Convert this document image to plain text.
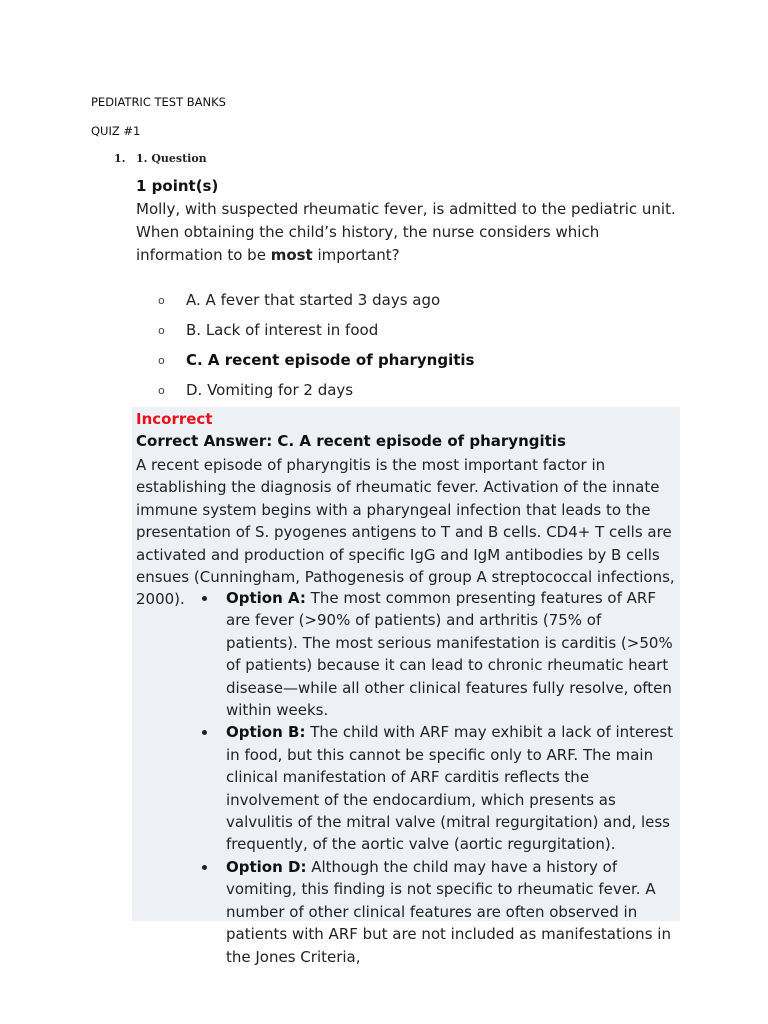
PEDIATRIC TEST BANKS
QUIZ #1
1. 1. Question
1 point(s)
Molly, with suspected rheumatic fever, is admitted to the pediatric unit. When obtaining the child’s history, the nurse considers which information to be most important?
o A. A fever that started 3 days ago
o B. Lack of interest in food
o C. A recent episode of pharyngitis
o D. Vomiting for 2 days
Incorrect
Correct Answer: C. A recent episode of pharyngitis
A recent episode of pharyngitis is the most important factor in establishing the diagnosis of rheumatic fever. Activation of the innate immune system begins with a pharyngeal infection that leads to the presentation of S. pyogenes antigens to T and B cells. CD4+ T cells are activated and production of specific IgG and IgM antibodies by B cells ensues (Cunningham, Pathogenesis of group A streptococcal infections, 2000).	Option A: The most common presenting features of ARF are fever (>90% of patients) and arthritis (75% of patients). The most serious manifestation is carditis (>50% of patients) because it can lead to chronic rheumatic heart disease—while all other clinical features fully resolve, often within weeks.
Option B: The child with ARF may exhibit a lack of interest in food, but this cannot be specific only to ARF. The main clinical manifestation of ARF carditis reflects the involvement of the endocardium, which presents as valvulitis of the mitral valve (mitral regurgitation) and, less frequently, of the aortic valve (aortic regurgitation).
Option D: Although the child may have a history of vomiting, this finding is not specific to rheumatic fever. A number of other clinical features are often observed in patients with ARF but are not included as manifestations in the Jones Criteria,
